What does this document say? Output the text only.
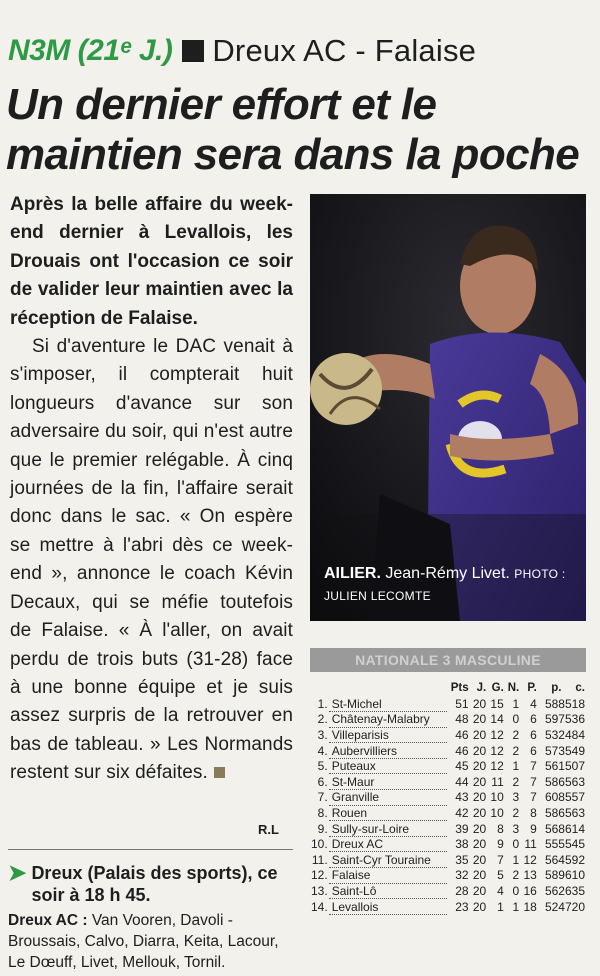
N3M (21ᵉ J.) Dreux AC - Falaise
Un dernier effort et le maintien sera dans la poche

Après la belle affaire du week-end dernier à Levallois, les Drouais ont l'occasion ce soir de valider leur maintien avec la réception de Falaise.

Si d'aventure le DAC venait à s'imposer, il compterait huit longueurs d'avance sur son adversaire du soir, qui n'est autre que le premier relégable. À cinq journées de la fin, l'affaire serait donc dans le sac. « On espère se mettre à l'abri dès ce week-end », annonce le coach Kévin Decaux, qui se méfie toutefois de Falaise. « À l'aller, on avait perdu de trois buts (31-28) face à une bonne équipe et je suis assez surpris de la retrouver en bas de tableau. » Les Normands restent sur six défaites.

R.L
➤ Dreux (Palais des sports), ce soir à 18 h 45.

Dreux AC : Van Vooren, Davoli - Broussais, Calvo, Diarra, Keita, Lacour, Le Dœuff, Livet, Mellouk, Tornil.

AILIER. Jean-Rémy Livet. PHOTO : JULIEN LECOMTE
NATIONALE 3 MASCULINE
		Pts	J.	G.	N.	P.	p.	c.
1.	St-Michel	51	20	15	1	4	588518	
2.	Châtenay-Malabry	48	20	14	0	6	597536	
3.	Villeparisis	46	20	12	2	6	532484	
4.	Aubervilliers	46	20	12	2	6	573549	
5.	Puteaux	45	20	12	1	7	561507	
6.	St-Maur	44	20	11	2	7	586563	
7.	Granville	43	20	10	3	7	608557	
8.	Rouen	42	20	10	2	8	586563	
9.	Sully-sur-Loire	39	20	8	3	9	568614	
10.	Dreux AC	38	20	9	0	11	555545	
11.	Saint-Cyr Touraine	35	20	7	1	12	564592	
12.	Falaise	32	20	5	2	13	589610	
13.	Saint-Lô	28	20	4	0	16	562635	
14.	Levallois	23	20	1	1	18	524720	
